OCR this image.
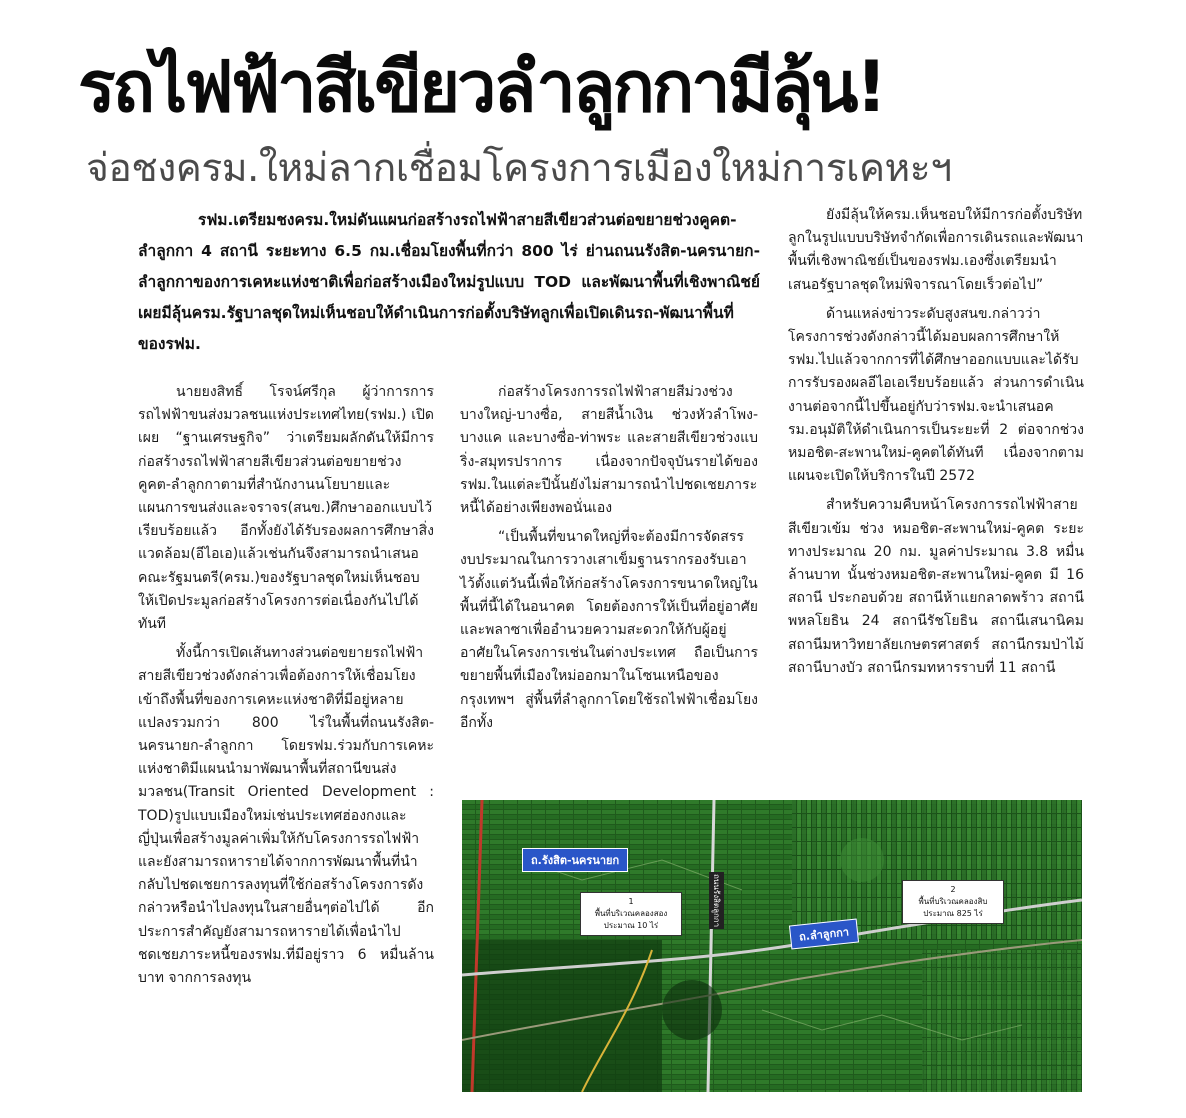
รถไฟฟ้าสีเขียวลำลูกกามีลุ้น!
จ่อชงครม.ใหม่ลากเชื่อมโครงการเมืองใหม่การเคหะฯ

รฟม.เตรียมชงครม.ใหม่ดันแผนก่อสร้างรถไฟฟ้าสายสีเขียวส่วนต่อขยายช่วงคูคต-ลำลูกกา 4 สถานี ระยะทาง 6.5 กม.เชื่อมโยงพื้นที่กว่า 800 ไร่ ย่านถนนรังสิต-นครนายก-ลำลูกกาของการเคหะแห่งชาติเพื่อก่อสร้างเมืองใหม่รูปแบบ TOD และพัฒนาพื้นที่เชิงพาณิชย์ เผยมีลุ้นครม.รัฐบาลชุดใหม่เห็นชอบให้ดำเนินการก่อตั้งบริษัทลูกเพื่อเปิดเดินรถ-พัฒนาพื้นที่ของรฟม.

นายยงสิทธิ์ โรจน์ศรีกุล ผู้ว่าการการรถไฟฟ้าขนส่งมวลชนแห่งประเทศไทย(รฟม.) เปิดเผย “ฐานเศรษฐกิจ” ว่าเตรียมผลักดันให้มีการก่อสร้างรถไฟฟ้าสายสีเขียวส่วนต่อขยายช่วงคูคต-ลำลูกกาตามที่สำนักงานนโยบายและแผนการขนส่งและจราจร(สนข.)ศึกษาออกแบบไว้เรียบร้อยแล้ว อีกทั้งยังได้รับรองผลการศึกษาสิ่งแวดล้อม(อีไอเอ)แล้วเช่นกันจึงสามารถนำเสนอคณะรัฐมนตรี(ครม.)ของรัฐบาลชุดใหม่เห็นชอบให้เปิดประมูลก่อสร้างโครงการต่อเนื่องกันไปได้ทันที

ทั้งนี้การเปิดเส้นทางส่วนต่อขยายรถไฟฟ้าสายสีเขียวช่วงดังกล่าวเพื่อต้องการให้เชื่อมโยงเข้าถึงพื้นที่ของการเคหะแห่งชาติที่มีอยู่หลายแปลงรวมกว่า 800 ไร่ในพื้นที่ถนนรังสิต-นครนายก-ลำลูกกา โดยรฟม.ร่วมกับการเคหะแห่งชาติมีแผนนำมาพัฒนาพื้นที่สถานีขนส่งมวลชน(Transit Oriented Development : TOD)รูปแบบเมืองใหม่เช่นประเทศฮ่องกงและญี่ปุ่นเพื่อสร้างมูลค่าเพิ่มให้กับโครงการรถไฟฟ้าและยังสามารถหารายได้จากการพัฒนาพื้นที่นำกลับไปชดเชยการลงทุนที่ใช้ก่อสร้างโครงการดังกล่าวหรือนำไปลงทุนในสายอื่นๆต่อไปได้ อีกประการสำคัญยังสามารถหารายได้เพื่อนำไปชดเชยภาระหนี้ของรฟม.ที่มีอยู่ราว 6 หมื่นล้านบาท จากการลงทุน

ก่อสร้างโครงการรถไฟฟ้าสายสีม่วงช่วงบางใหญ่-บางซื่อ, สายสีน้ำเงิน ช่วงหัวลำโพง-บางแค และบางซื่อ-ท่าพระ และสายสีเขียวช่วงแบริ่ง-สมุทรปราการ เนื่องจากปัจจุบันรายได้ของรฟม.ในแต่ละปีนั้นยังไม่สามารถนำไปชดเชยภาระหนี้ได้อย่างเพียงพอนั่นเอง

“เป็นพื้นที่ขนาดใหญ่ที่จะต้องมีการจัดสรรงบประมาณในการวางเสาเข็มฐานรากรองรับเอาไว้ตั้งแต่วันนี้เพื่อให้ก่อสร้างโครงการขนาดใหญ่ในพื้นที่นี้ได้ในอนาคต โดยต้องการให้เป็นที่อยู่อาศัยและพลาซาเพื่ออำนวยความสะดวกให้กับผู้อยู่อาศัยในโครงการเช่นในต่างประเทศ ถือเป็นการขยายพื้นที่เมืองใหม่ออกมาในโซนเหนือของกรุงเทพฯ สู่พื้นที่ลำลูกกาโดยใช้รถไฟฟ้าเชื่อมโยง อีกทั้ง

ยังมีลุ้นให้ครม.เห็นชอบให้มีการก่อตั้งบริษัทลูกในรูปแบบบริษัทจำกัดเพื่อการเดินรถและพัฒนาพื้นที่เชิงพาณิชย์เป็นของรฟม.เองซึ่งเตรียมนำเสนอรัฐบาลชุดใหม่พิจารณาโดยเร็วต่อไป”

ด้านแหล่งข่าวระดับสูงสนข.กล่าวว่าโครงการช่วงดังกล่าวนี้ได้มอบผลการศึกษาให้รฟม.ไปแล้วจากการที่ได้ศึกษาออกแบบและได้รับการรับรองผลอีไอเอเรียบร้อยแล้ว ส่วนการดำเนินงานต่อจากนี้ไปขึ้นอยู่กับว่ารฟม.จะนำเสนอครม.อนุมัติให้ดำเนินการเป็นระยะที่ 2 ต่อจากช่วงหมอชิต-สะพานใหม่-คูคตได้ทันที เนื่องจากตามแผนจะเปิดให้บริการในปี 2572

สำหรับความคืบหน้าโครงการรถไฟฟ้าสายสีเขียวเข้ม ช่วง หมอชิต-สะพานใหม่-คูคต ระยะทางประมาณ 20 กม. มูลค่าประมาณ 3.8 หมื่นล้านบาท นั้นช่วงหมอชิต-สะพานใหม่-คูคต มี 16 สถานี ประกอบด้วย สถานีห้าแยกลาดพร้าว สถานีพหลโยธิน 24 สถานีรัชโยธิน สถานีเสนานิคม สถานีมหาวิทยาลัยเกษตรศาสตร์ สถานีกรมป่าไม้ สถานีบางบัว สถานีกรมทหารราบที่ 11 สถานี

ถ.รังสิต-นครนายก
ถ.ลำลูกกา
ถนนรังสิตลูกกา
1
พื้นที่บริเวณคลองสอง
ประมาณ 10 ไร่
2
พื้นที่บริเวณคลองสิบ
ประมาณ 825 ไร่
